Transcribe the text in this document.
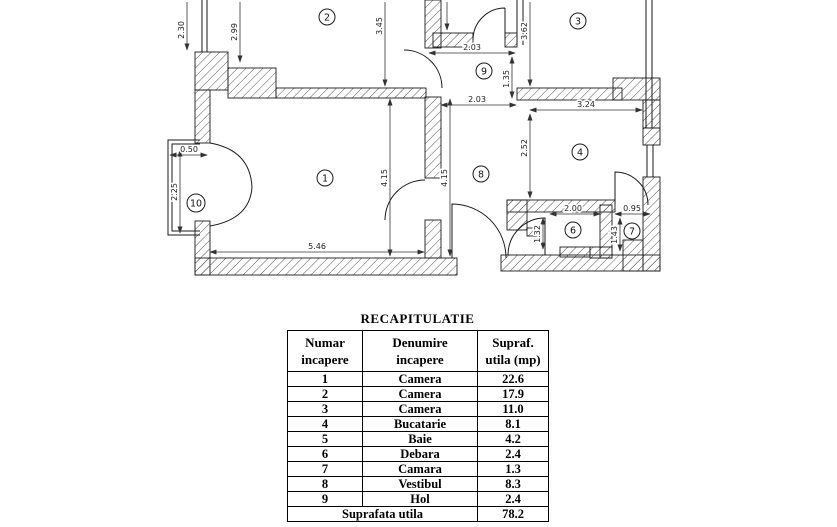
2.30	2.99	3.45	3.62
2.03
1.35
2.03
3.24
2.52
4.15	4.15
0.50
2.25
5.46
2.00	0.95
1.32	1.43
1
2	3
4
6	7
8
9
10
RECAPITULATIE
Numar
incapere

Denumire
incapere

Supraf.
utila (mp)

1	Camera	22.6
2	Camera	17.9
3	Camera	11.0
4	Bucatarie	8.1
5	Baie	4.2
6	Debara	2.4
7	Camara	1.3
8	Vestibul	8.3
9	Hol	2.4
Suprafata utila		78.2
